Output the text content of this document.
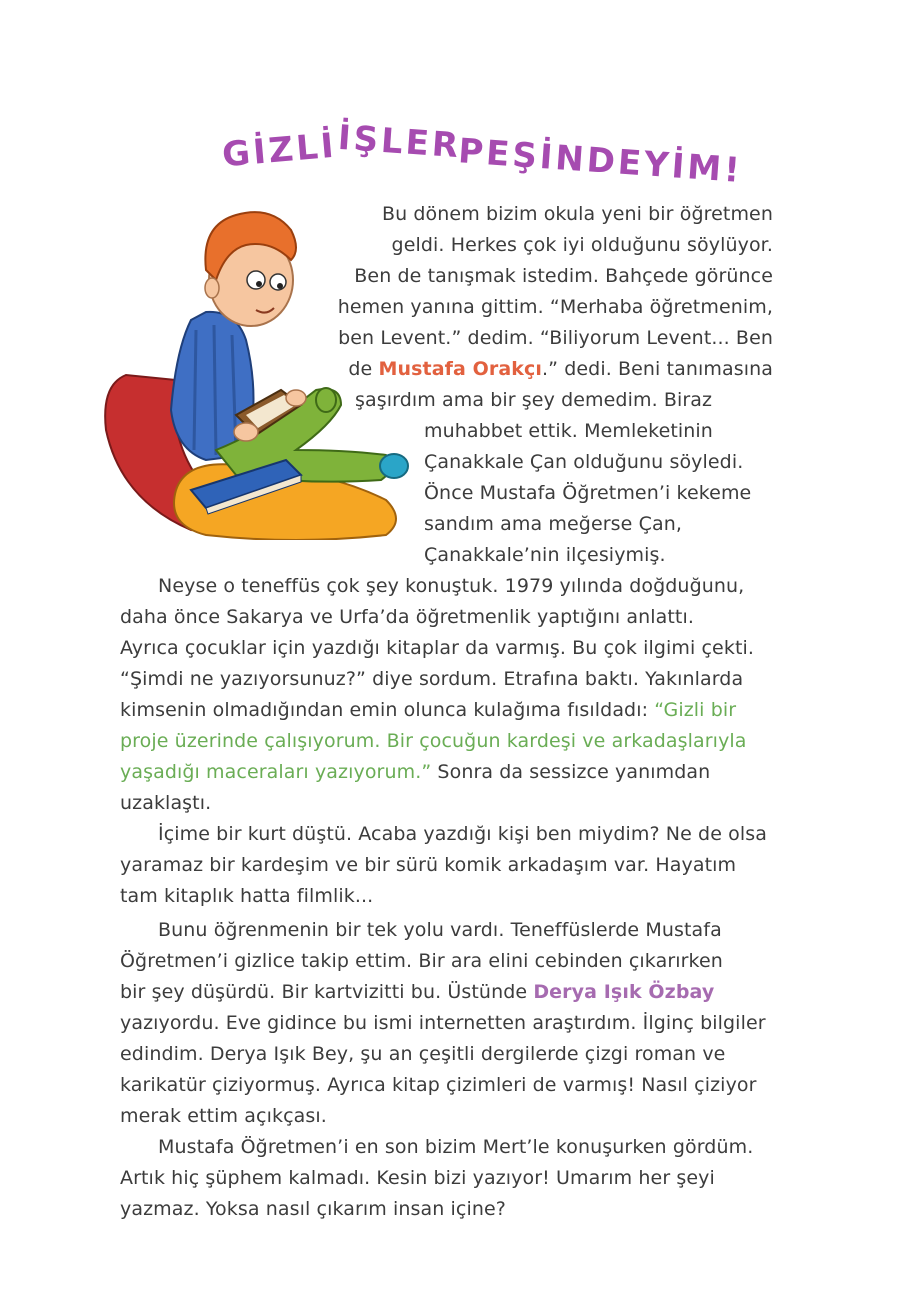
GİZLİ
İŞLER
PEŞİNDEYİM!
Bu dönem bizim okula yeni bir öğretmen
geldi. Herkes çok iyi olduğunu söylüyor.
Ben de tanışmak istedim. Bahçede görünce
hemen yanına gittim. “Merhaba öğretmenim,
ben Levent.” dedim. “Biliyorum Levent... Ben
de Mustafa Orakçı.” dedi. Beni tanımasına
şaşırdım ama bir şey demedim. Biraz
muhabbet ettik. Memleketinin
Çanakkale Çan olduğunu söyledi.
Önce Mustafa Öğretmen’i kekeme
sandım ama meğerse Çan,
Çanakkale’nin ilçesiymiş.
Neyse o teneffüs çok şey konuştuk. 1979 yılında doğduğunu,
daha önce Sakarya ve Urfa’da öğretmenlik yaptığını anlattı.
Ayrıca çocuklar için yazdığı kitaplar da varmış. Bu çok ilgimi çekti.
“Şimdi ne yazıyorsunuz?” diye sordum. Etrafına baktı. Yakınlarda
kimsenin olmadığından emin olunca kulağıma fısıldadı: “Gizli bir
proje üzerinde çalışıyorum. Bir çocuğun kardeşi ve arkadaşlarıyla
yaşadığı maceraları yazıyorum.” Sonra da sessizce yanımdan
uzaklaştı.
İçime bir kurt düştü. Acaba yazdığı kişi ben miydim? Ne de olsa
yaramaz bir kardeşim ve bir sürü komik arkadaşım var. Hayatım
tam kitaplık hatta filmlik...
Bunu öğrenmenin bir tek yolu vardı. Teneffüslerde Mustafa
Öğretmen’i gizlice takip ettim. Bir ara elini cebinden çıkarırken
bir şey düşürdü. Bir kartvizitti bu. Üstünde Derya Işık Özbay
yazıyordu. Eve gidince bu ismi internetten araştırdım. İlginç bilgiler
edindim. Derya Işık Bey, şu an çeşitli dergilerde çizgi roman ve
karikatür çiziyormuş. Ayrıca kitap çizimleri de varmış! Nasıl çiziyor
merak ettim açıkçası.
Mustafa Öğretmen’i en son bizim Mert’le konuşurken gördüm.
Artık hiç şüphem kalmadı. Kesin bizi yazıyor! Umarım her şeyi
yazmaz. Yoksa nasıl çıkarım insan içine?
